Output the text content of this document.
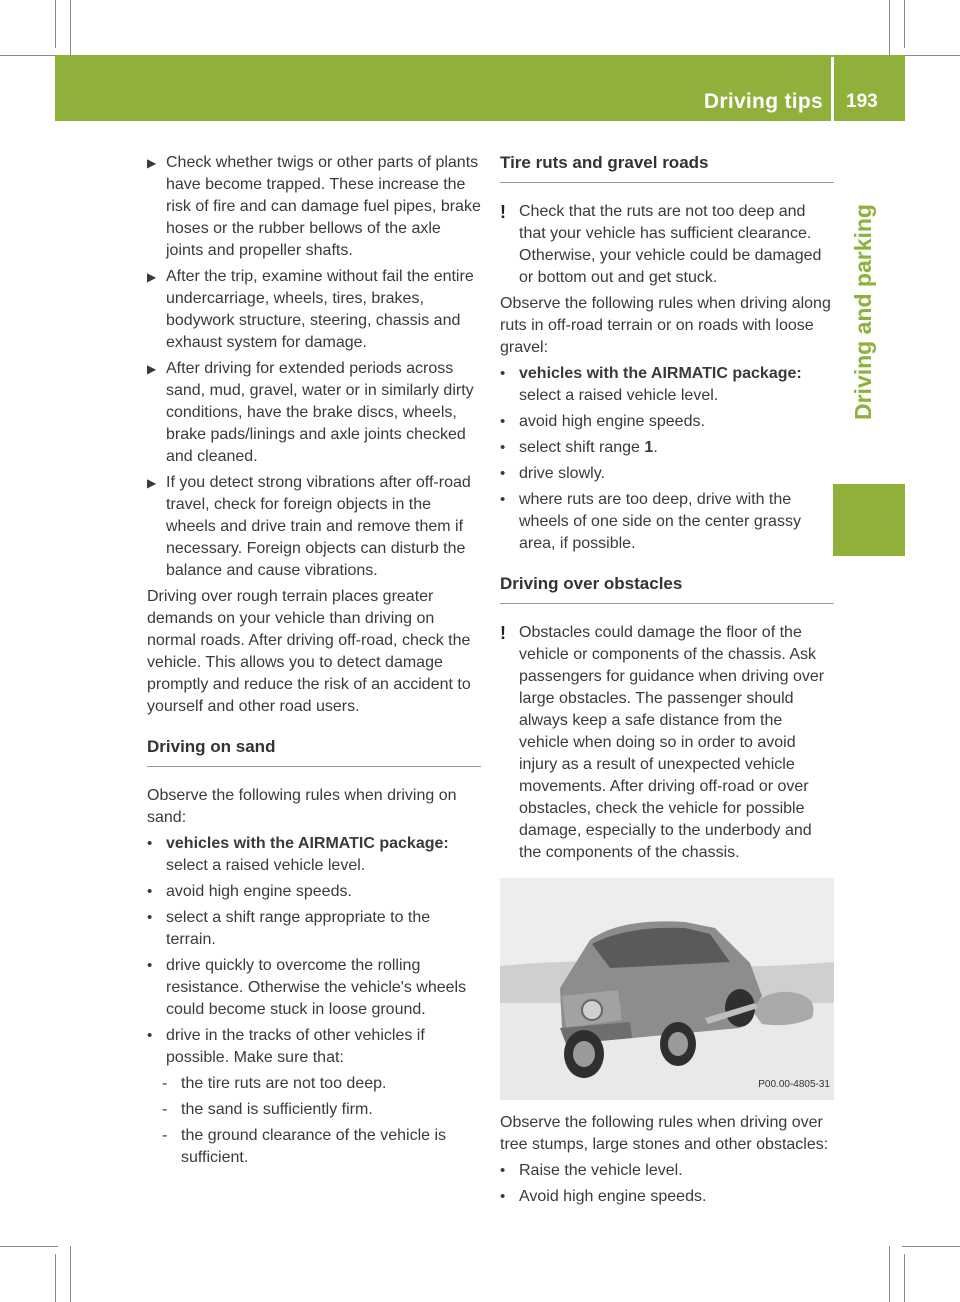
Driving tips 193
Driving and parking
▶ Check whether twigs or other parts of plants have become trapped. These increase the risk of fire and can damage fuel pipes, brake hoses or the rubber bellows of the axle joints and propeller shafts.
▶ After the trip, examine without fail the entire undercarriage, wheels, tires, brakes, bodywork structure, steering, chassis and exhaust system for damage.
▶ After driving for extended periods across sand, mud, gravel, water or in similarly dirty conditions, have the brake discs, wheels, brake pads/linings and axle joints checked and cleaned.
▶ If you detect strong vibrations after off-road travel, check for foreign objects in the wheels and drive train and remove them if necessary. Foreign objects can disturb the balance and cause vibrations.

Driving over rough terrain places greater demands on your vehicle than driving on normal roads. After driving off-road, check the vehicle. This allows you to detect damage promptly and reduce the risk of an accident to yourself and other road users.

Driving on sand

Observe the following rules when driving on sand:

• vehicles with the AIRMATIC package: select a raised vehicle level.
• avoid high engine speeds.
• select a shift range appropriate to the terrain.
• drive quickly to overcome the rolling resistance. Otherwise the vehicle's wheels could become stuck in loose ground.
• drive in the tracks of other vehicles if possible. Make sure that:
- the tire ruts are not too deep.
- the sand is sufficiently firm.
- the ground clearance of the vehicle is sufficient.
Tire ruts and gravel roads
! Check that the ruts are not too deep and that your vehicle has sufficient clearance. Otherwise, your vehicle could be damaged or bottom out and get stuck.

Observe the following rules when driving along ruts in off-road terrain or on roads with loose gravel:

• vehicles with the AIRMATIC package: select a raised vehicle level.
• avoid high engine speeds.
• select shift range 1.
• drive slowly.
• where ruts are too deep, drive with the wheels of one side on the center grassy area, if possible.
Driving over obstacles
! Obstacles could damage the floor of the vehicle or components of the chassis. Ask passengers for guidance when driving over large obstacles. The passenger should always keep a safe distance from the vehicle when doing so in order to avoid injury as a result of unexpected vehicle movements. After driving off-road or over obstacles, check the vehicle for possible damage, especially to the underbody and the components of the chassis.
P00.00-4805-31

Observe the following rules when driving over tree stumps, large stones and other obstacles:

• Raise the vehicle level.
• Avoid high engine speeds.
